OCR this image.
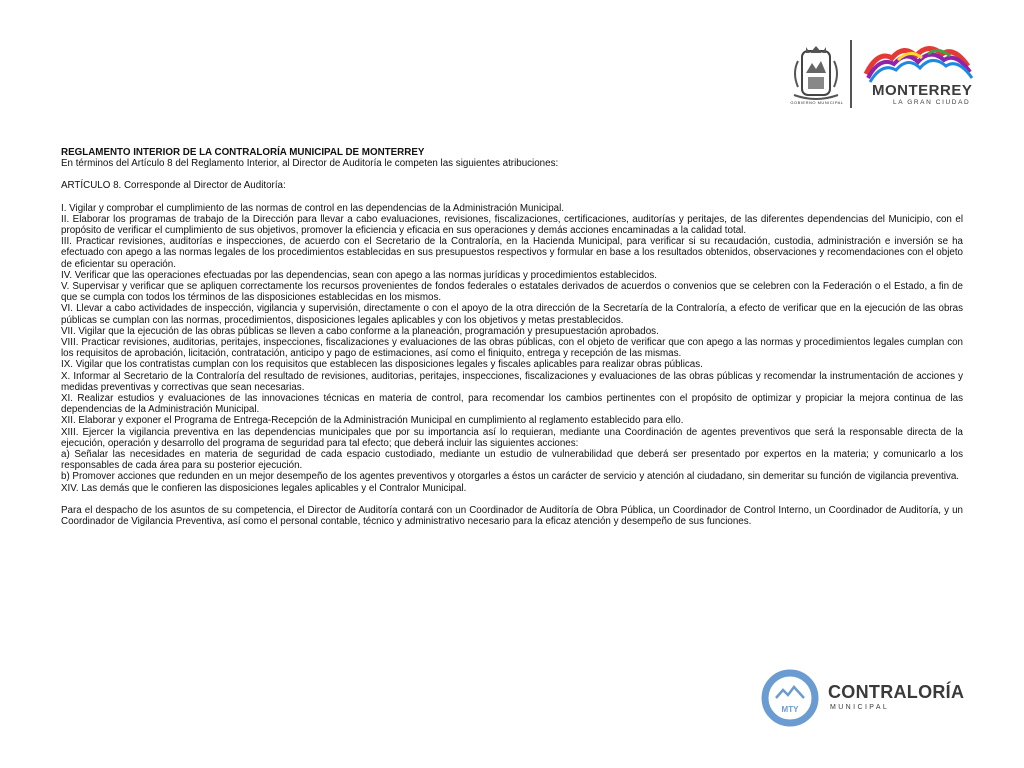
GOBIERNO MUNICIPAL
MONTERREY
LA GRAN CIUDAD

REGLAMENTO INTERIOR DE LA CONTRALORÍA MUNICIPAL DE MONTERREY

En términos del Artículo 8 del Reglamento Interior, al Director de Auditoría le competen las siguientes atribuciones:

ARTÍCULO 8. Corresponde al Director de Auditoría:

I. Vigilar y comprobar el cumplimiento de las normas de control en las dependencias de la Administración Municipal.

II. Elaborar los programas de trabajo de la Dirección para llevar a cabo evaluaciones, revisiones, fiscalizaciones, certificaciones, auditorías y peritajes, de las diferentes dependencias del Municipio, con el propósito de verificar el cumplimiento de sus objetivos, promover la eficiencia y eficacia en sus operaciones y demás acciones encaminadas a la calidad total.

III. Practicar revisiones, auditorías e inspecciones, de acuerdo con el Secretario de la Contraloría, en la Hacienda Municipal, para verificar si su recaudación, custodia, administración e inversión se ha efectuado con apego a las normas legales de los procedimientos establecidas en sus presupuestos respectivos y formular en base a los resultados obtenidos, observaciones y recomendaciones con el objeto de eficientar su operación.

IV. Verificar que las operaciones efectuadas por las dependencias, sean con apego a las normas jurídicas y procedimientos establecidos.

V. Supervisar y verificar que se apliquen correctamente los recursos provenientes de fondos federales o estatales derivados de acuerdos o convenios que se celebren con la Federación o el Estado, a fin de que se cumpla con todos los términos de las disposiciones establecidas en los mismos.

VI. Llevar a cabo actividades de inspección, vigilancia y supervisión, directamente o con el apoyo de la otra dirección de la Secretaría de la Contraloría, a efecto de verificar que en la ejecución de las obras públicas se cumplan con las normas, procedimientos, disposiciones legales aplicables y con los objetivos y metas prestablecidos.

VII. Vigilar que la ejecución de las obras públicas se lleven a cabo conforme a la planeación, programación y presupuestación aprobados.

VIII. Practicar revisiones, auditorias, peritajes, inspecciones, fiscalizaciones y evaluaciones de las obras públicas, con el objeto de verificar que con apego a las normas y procedimientos legales cumplan con los requisitos de aprobación, licitación, contratación, anticipo y pago de estimaciones, así como el finiquito, entrega y recepción de las mismas.

IX. Vigilar que los contratistas cumplan con los requisitos que establecen las disposiciones legales y fiscales aplicables para realizar obras públicas.

X. Informar al Secretario de la Contraloría del resultado de revisiones, auditorias, peritajes, inspecciones, fiscalizaciones y evaluaciones de las obras públicas y recomendar la instrumentación de acciones y medidas preventivas y correctivas que sean necesarias.

XI. Realizar estudios y evaluaciones de las innovaciones técnicas en materia de control, para recomendar los cambios pertinentes con el propósito de optimizar y propiciar la mejora continua de las dependencias de la Administración Municipal.

XII. Elaborar y exponer el Programa de Entrega-Recepción de la Administración Municipal en cumplimiento al reglamento establecido para ello.

XIII. Ejercer la vigilancia preventiva en las dependencias municipales que por su importancia así lo requieran, mediante una Coordinación de agentes preventivos que será la responsable directa de la ejecución, operación y desarrollo del programa de seguridad para tal efecto; que deberá incluir las siguientes acciones:

a) Señalar las necesidades en materia de seguridad de cada espacio custodiado, mediante un estudio de vulnerabilidad que deberá ser presentado por expertos en la materia; y comunicarlo a los responsables de cada área para su posterior ejecución.

b) Promover acciones que redunden en un mejor desempeño de los agentes preventivos y otorgarles a éstos un carácter de servicio y atención al ciudadano, sin demeritar su función de vigilancia preventiva.

XIV. Las demás que le confieren las disposiciones legales aplicables y el Contralor Municipal.

Para el despacho de los asuntos de su competencia, el Director de Auditoría contará con un Coordinador de Auditoría de Obra Pública, un Coordinador de Control Interno, un Coordinador de Auditoría, y un Coordinador de Vigilancia Preventiva, así como el personal contable, técnico y administrativo necesario para la eficaz atención y desempeño de sus funciones.

MTY
CONTRALORÍA
MUNICIPAL
